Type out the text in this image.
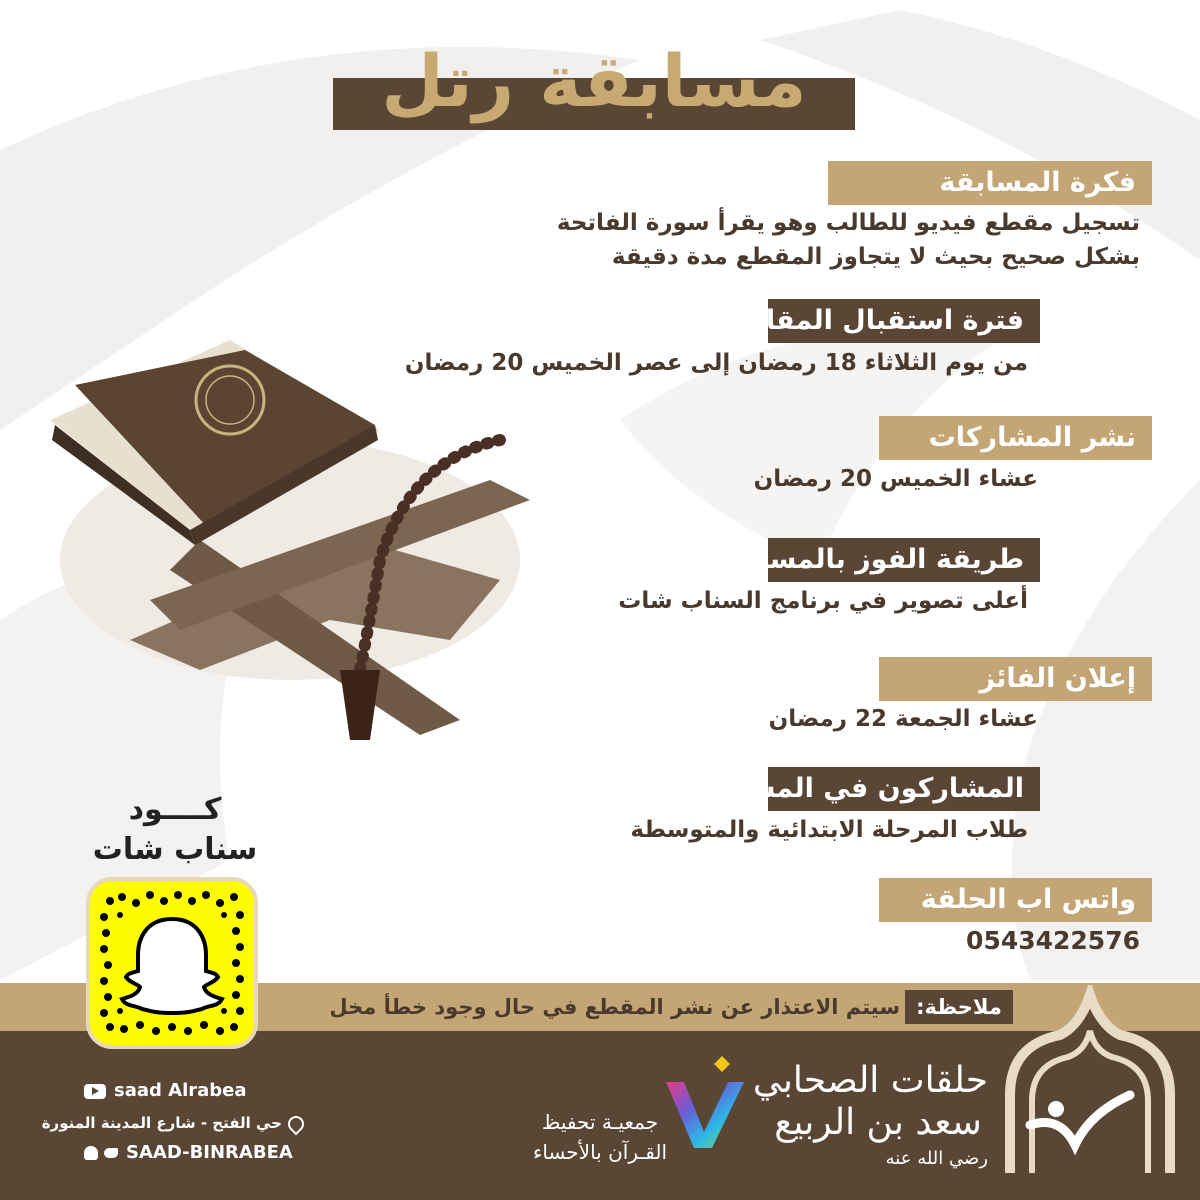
مسابقة رتل
فكرة المسابقة
تسجيل مقطع فيديو للطالب وهو يقرأ سورة الفاتحة
بشكل صحيح بحيث لا يتجاوز المقطع مدة دقيقة
فترة استقبال المقاطع
من يوم الثلاثاء 18 رمضان إلى عصر الخميس 20 رمضان
نشر المشاركات
عشاء الخميس 20 رمضان
طريقة الفوز بالمسابقة
أعلى تصوير في برنامج السناب شات
إعلان الفائز
عشاء الجمعة 22 رمضان
المشاركون في المسابقة
طلاب المرحلة الابتدائية والمتوسطة
واتس اب الحلقة
0543422576
كــــود
سناب شات
ملاحظة:
سيتم الاعتذار عن نشر المقطع في حال وجود خطأ مخل
saad Alrabea
حي الفتح - شارع المدينة المنورة
SAAD-BINRABEA
جمعيـة تحفيظ
القـرآن بالأحساء
حلقات الصحابي
سعد بن الربيع
رضي الله عنه
